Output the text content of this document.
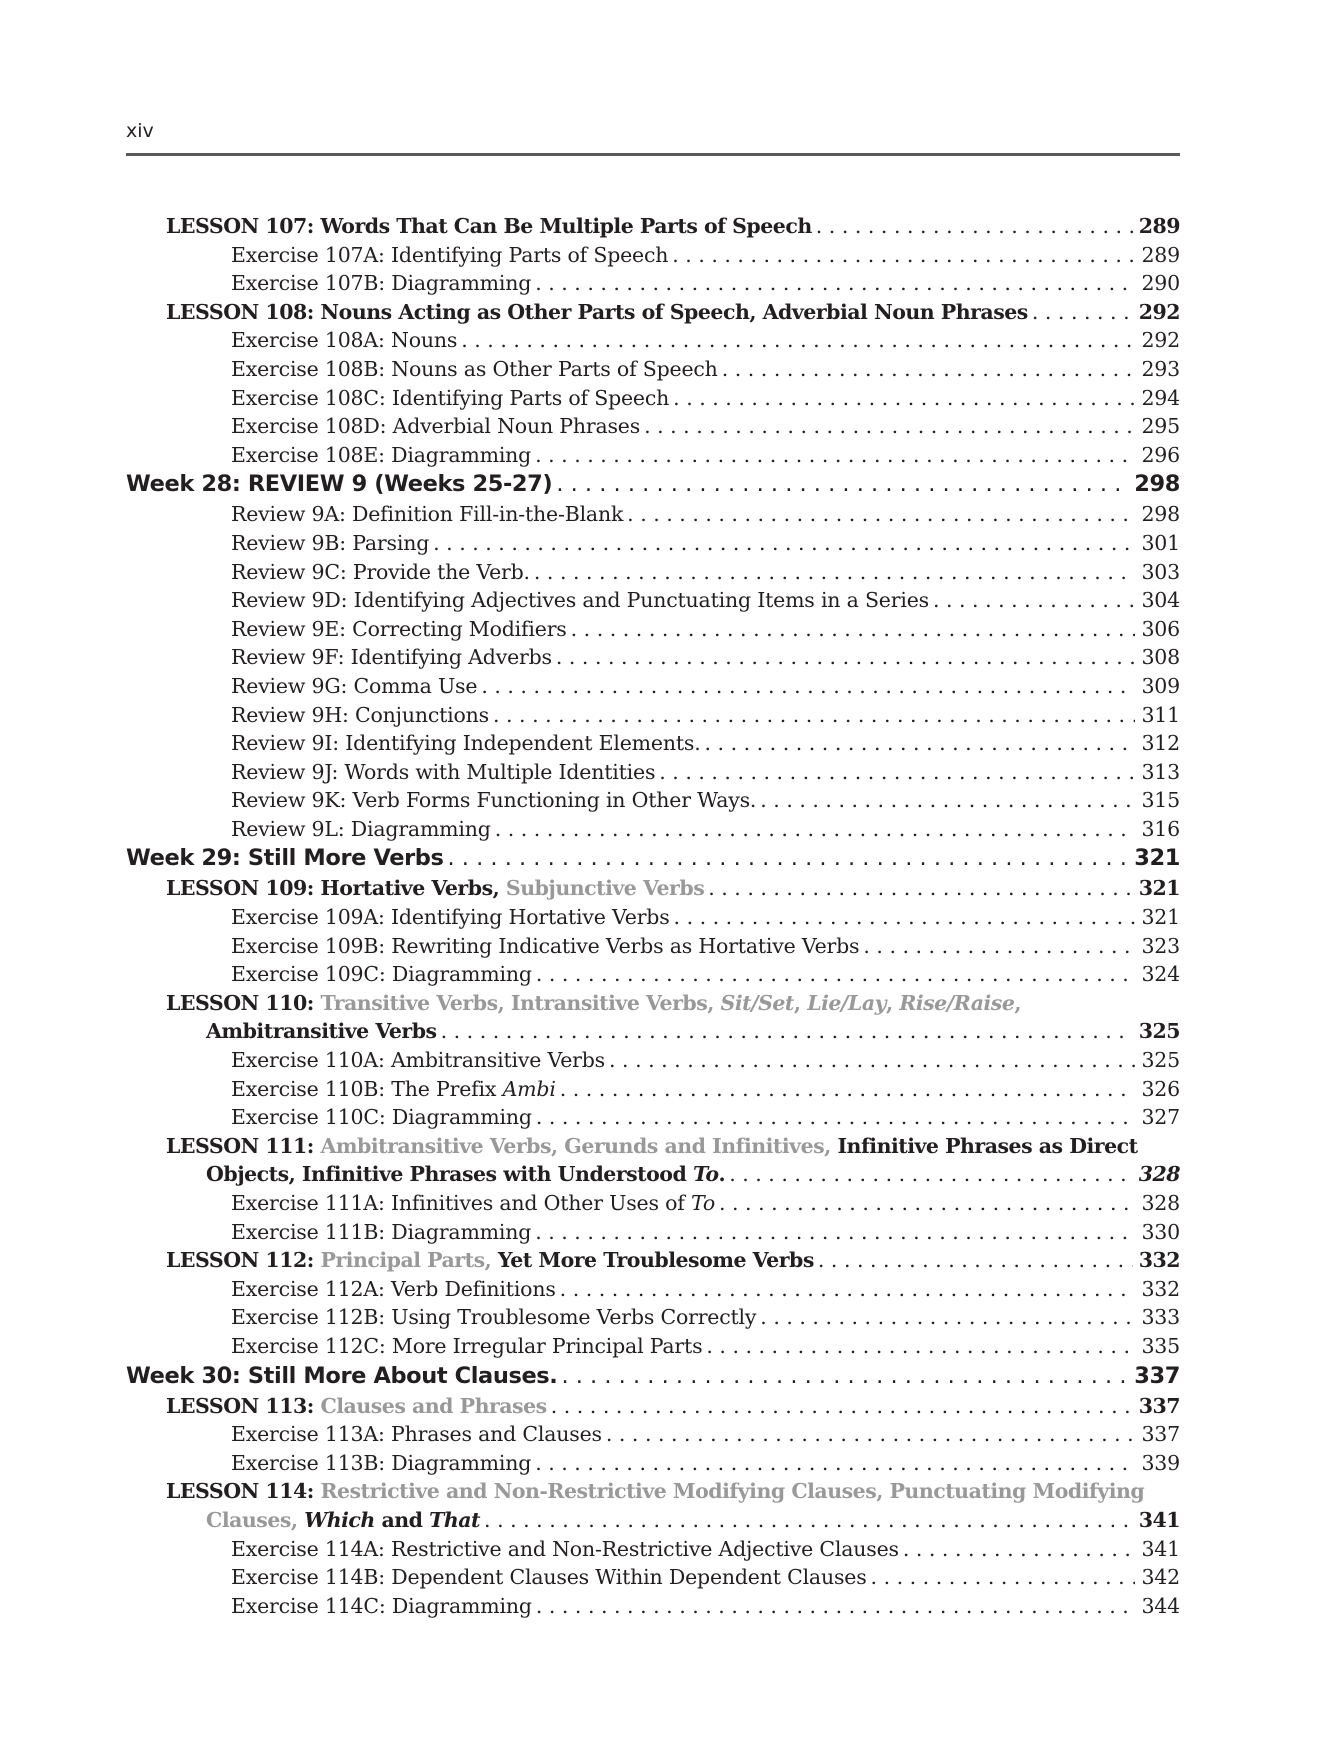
xiv
LESSON 107: Words That Can Be Multiple Parts of Speech . . .	289
Exercise 107A: Identifying Parts of Speech . . .	289
Exercise 107B: Diagramming . . .	290
LESSON 108: Nouns Acting as Other Parts of Speech, Adverbial Noun Phrases . . .	292
Exercise 108A: Nouns . . .	292
Exercise 108B: Nouns as Other Parts of Speech . . .	293
Exercise 108C: Identifying Parts of Speech . . .	294
Exercise 108D: Adverbial Noun Phrases . . .	295
Exercise 108E: Diagramming . . .	296
Week 28: REVIEW 9 (Weeks 25-27) . . .	298
Review 9A: Definition Fill-in-the-Blank . . .	298
Review 9B: Parsing . . .	301
Review 9C: Provide the Verb. . . .	303
Review 9D: Identifying Adjectives and Punctuating Items in a Series . . .	304
Review 9E: Correcting Modifiers . . .	306
Review 9F: Identifying Adverbs . . .	308
Review 9G: Comma Use . . .	309
Review 9H: Conjunctions . . .	311
Review 9I: Identifying Independent Elements. . . .	312
Review 9J: Words with Multiple Identities . . .	313
Review 9K: Verb Forms Functioning in Other Ways. . . .	315
Review 9L: Diagramming . . .	316
Week 29: Still More Verbs . . .	321
LESSON 109: Hortative Verbs, Subjunctive Verbs . . .	321
Exercise 109A: Identifying Hortative Verbs . . .	321
Exercise 109B: Rewriting Indicative Verbs as Hortative Verbs . . .	323
Exercise 109C: Diagramming . . .	324
LESSON 110: Transitive Verbs, Intransitive Verbs, Sit/Set, Lie/Lay, Rise/Raise,
Ambitransitive Verbs . . .	325
Exercise 110A: Ambitransitive Verbs . . .	325
Exercise 110B: The Prefix Ambi . . .	326
Exercise 110C: Diagramming . . .	327
LESSON 111: Ambitransitive Verbs, Gerunds and Infinitives, Infinitive Phrases as Direct
Objects, Infinitive Phrases with Understood To. . . .	328
Exercise 111A: Infinitives and Other Uses of To . . .	328
Exercise 111B: Diagramming . . .	330
LESSON 112: Principal Parts, Yet More Troublesome Verbs . . .	332
Exercise 112A: Verb Definitions . . .	332
Exercise 112B: Using Troublesome Verbs Correctly . . .	333
Exercise 112C: More Irregular Principal Parts . . .	335
Week 30: Still More About Clauses. . . .	337
LESSON 113: Clauses and Phrases . . .	337
Exercise 113A: Phrases and Clauses . . .	337
Exercise 113B: Diagramming . . .	339
LESSON 114: Restrictive and Non-Restrictive Modifying Clauses, Punctuating Modifying
Clauses, Which and That . . .	341
Exercise 114A: Restrictive and Non-Restrictive Adjective Clauses . . .	341
Exercise 114B: Dependent Clauses Within Dependent Clauses . . .	342
Exercise 114C: Diagramming . . .	344
